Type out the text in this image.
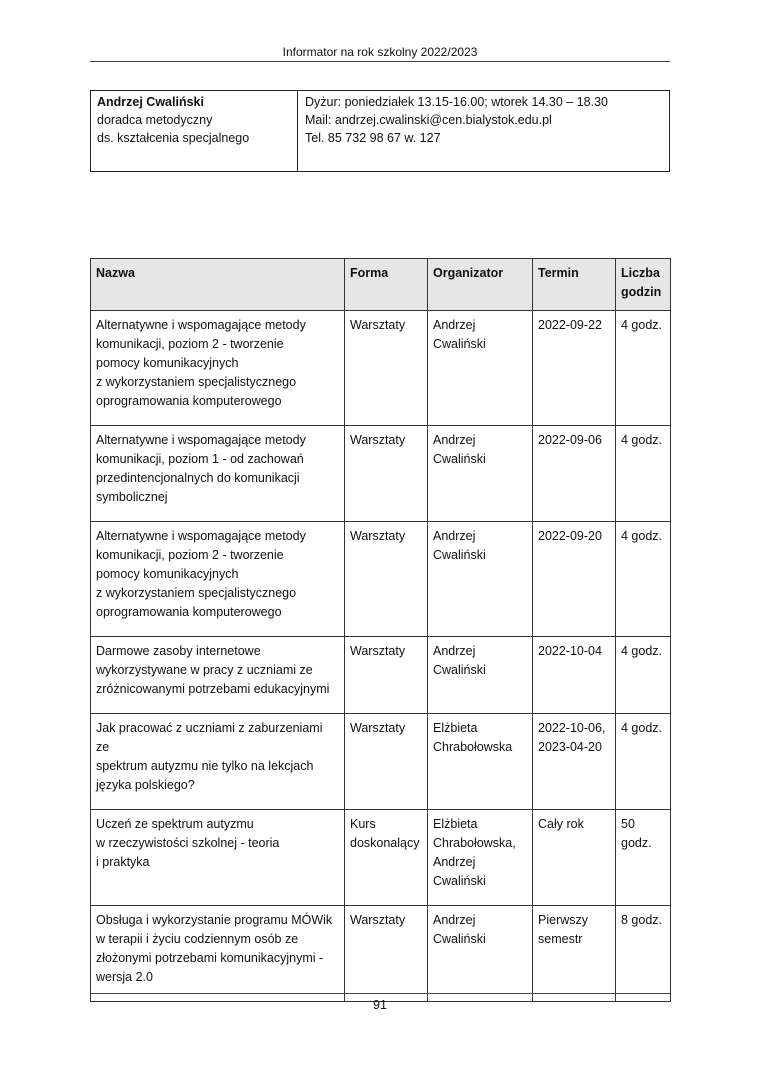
Informator na rok szkolny 2022/2023
Andrzej Cwaliński
doradca metodyczny
ds. kształcenia specjalnego
Dyżur: poniedziałek 13.15-16.00; wtorek 14.30 – 18.30
Mail: andrzej.cwalinski@cen.bialystok.edu.pl
Tel. 85 732 98 67 w. 127
Nazwa	Forma	Organizator	Termin	Liczba
godzin

Alternatywne i wspomagające metody
komunikacji, poziom 2 - tworzenie
pomocy komunikacyjnych
z wykorzystaniem specjalistycznego
oprogramowania komputerowego	Warsztaty	Andrzej
Cwaliński	2022-09-22	4 godz.

Alternatywne i wspomagające metody
komunikacji, poziom 1 - od zachowań
przedintencjonalnych do komunikacji
symbolicznej	Warsztaty	Andrzej
Cwaliński	2022-09-06	4 godz.

Alternatywne i wspomagające metody
komunikacji, poziom 2 - tworzenie
pomocy komunikacyjnych
z wykorzystaniem specjalistycznego
oprogramowania komputerowego	Warsztaty	Andrzej
Cwaliński	2022-09-20	4 godz.

Darmowe zasoby internetowe
wykorzystywane w pracy z uczniami ze
zróżnicowanymi potrzebami edukacyjnymi	Warsztaty	Andrzej
Cwaliński	2022-10-04	4 godz.

Jak pracować z uczniami z zaburzeniami ze
spektrum autyzmu nie tylko na lekcjach
języka polskiego?	Warsztaty	Elżbieta
Chrabołowska	2022-10-06,
2023-04-20	4 godz.

Uczeń ze spektrum autyzmu
w rzeczywistości szkolnej - teoria
i praktyka	Kurs
doskonalący	Elżbieta
Chrabołowska,
Andrzej
Cwaliński	Cały rok	50
godz.

Obsługa i wykorzystanie programu MÓWik
w terapii i życiu codziennym osób ze
złożonymi potrzebami komunikacyjnymi -
wersja 2.0	Warsztaty	Andrzej
Cwaliński	Pierwszy
semestr	8 godz.
91
